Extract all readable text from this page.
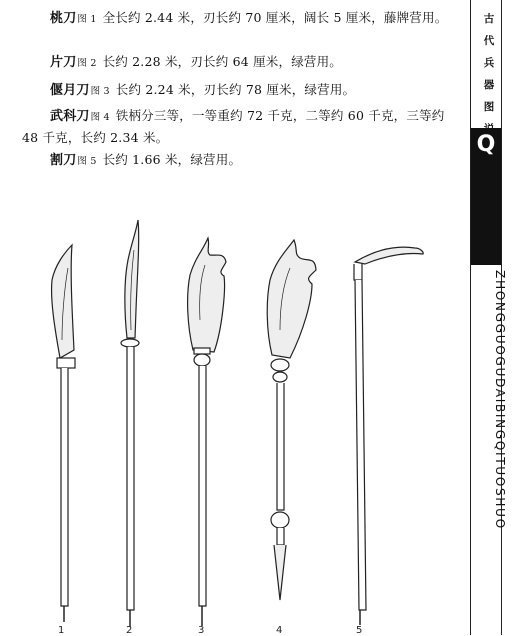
桃刀图 1 全长约 2.44 米，刃长约 70 厘米，阔长 5 厘米，藤牌营用。

片刀图 2 长约 2.28 米，刃长约 64 厘米，绿营用。

偃月刀图 3 长约 2.24 米，刃长约 78 厘米，绿营用。

武科刀图 4 铁柄分三等，一等重约 72 千克，二等约 60 千克，三等约 48 千克，长约 2.34 米。

割刀图 5 长约 1.66 米，绿营用。

1	2	3	4	5
古
代
兵
器
图
Q
ZHONGGUOGUDAIBINGQITUOSHUO
